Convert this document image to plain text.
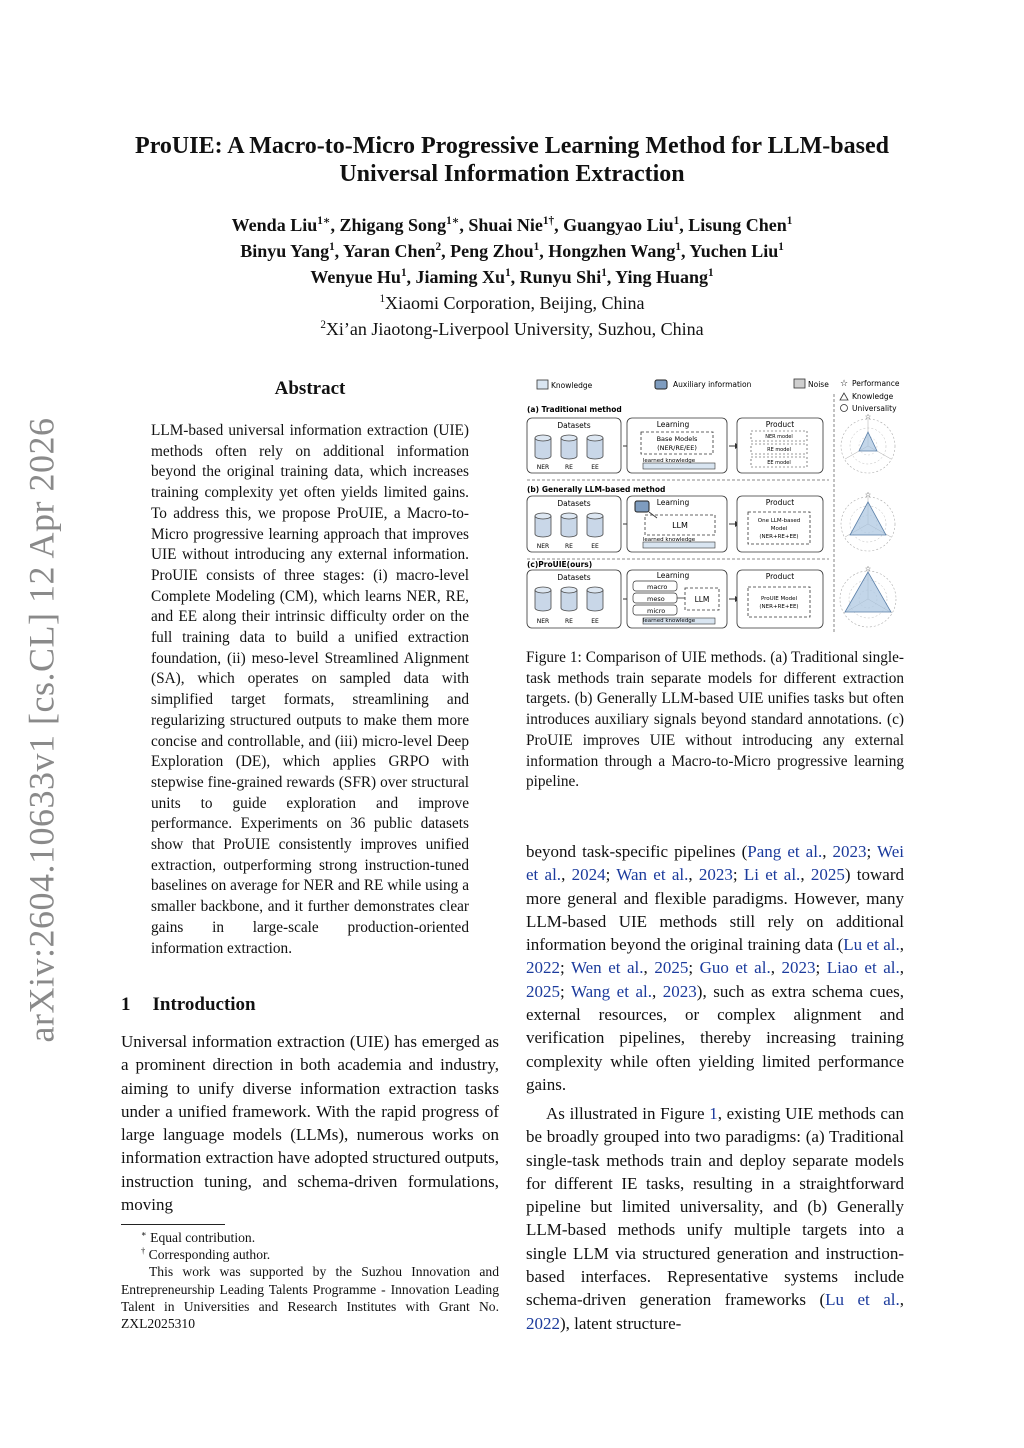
arXiv:2604.10633v1 [cs.CL] 12 Apr 2026
ProUIE: A Macro-to-Micro Progressive Learning Method for LLM-based
Universal Information Extraction
Wenda Liu$^{1∗}$, Zhigang Song$^{1∗}$, Shuai Nie$^{1\dagger}$, Guangyao Liu$^1$, Lisung Chen$^1$
Binyu Yang$^1$, Yaran Chen$^2$, Peng Zhou$^1$, Hongzhen Wang$^1$, Yuchen Liu$^1$
Wenyue Hu$^1$, Jiaming Xu$^1$, Runyu Shi$^1$, Ying Huang$^1$
$^1$Xiaomi Corporation, Beijing, China
$^2$Xi’an Jiaotong-Liverpool University, Suzhou, China
Abstract
LLM-based universal information extraction (UIE) methods often rely on additional information beyond the original training data, which increases training complexity yet often yields limited gains. To address this, we propose ProUIE, a Macro-to-Micro progressive learning approach that improves UIE without introducing any external information. ProUIE consists of three stages: (i) macro-level Complete Modeling (CM), which learns NER, RE, and EE along their intrinsic difficulty order on the full training data to build a unified extraction foundation, (ii) meso-level Streamlined Alignment (SA), which operates on sampled data with simplified target formats, streamlining and regularizing structured outputs to make them more concise and controllable, and (iii) micro-level Deep Exploration (DE), which applies GRPO with stepwise fine-grained rewards (SFR) over structural units to guide exploration and improve performance. Experiments on 36 public datasets show that ProUIE consistently improves unified extraction, outperforming strong instruction-tuned baselines on average for NER and RE while using a smaller backbone, and it further demonstrates clear gains in large-scale production-oriented information extraction.
1 Introduction
Universal information extraction (UIE) has emerged as a prominent direction in both academia and industry, aiming to unify diverse information extraction tasks under a unified framework. With the rapid progress of large language models (LLMs), numerous works on information extraction have adopted structured outputs, instruction tuning, and schema-driven formulations, moving
∗ Equal contribution.
† Corresponding author.
This work was supported by the Suzhou Innovation and Entrepreneurship Leading Talents Programme - Innovation Leading Talent in Universities and Research Institutes with Grant No. ZXL2025310
Knowledge	Auxiliary information	Noise ☆ Performance
Knowledge
Universality
(a) Traditional method
Datasets
NER	RE	EE
Learning
Base Models
(NER/RE/EE)
learned knowledge
Product
NER model
RE model
EE model
(b) Generally LLM-based method
Datasets
NER	RE	EE
Learning
LLM
learned knowledge
Product
One LLM-based
Model
(NER+RE+EE)
(c)ProUIE(ours)
Datasets
NER	RE	EE
Learning
macro
meso
micro
LLM
learned knowledge
Product
ProUIE Model
(NER+RE+EE)
☆
☆
☆
Figure 1: Comparison of UIE methods. (a) Traditional single-task methods train separate models for different extraction targets. (b) Generally LLM-based UIE unifies tasks but often introduces auxiliary signals beyond standard annotations. (c) ProUIE improves UIE without introducing any external information through a Macro-to-Micro progressive learning pipeline.
beyond task-specific pipelines (Pang et al., 2023; Wei et al., 2024; Wan et al., 2023; Li et al., 2025) toward more general and flexible paradigms. However, many LLM-based UIE methods still rely on additional information beyond the original training data (Lu et al., 2022; Wen et al., 2025; Guo et al., 2023; Liao et al., 2025; Wang et al., 2023), such as extra schema cues, external resources, or complex alignment and verification pipelines, thereby increasing training complexity while often yielding limited performance gains.
As illustrated in Figure 1, existing UIE methods can be broadly grouped into two paradigms: (a) Traditional single-task methods train and deploy separate models for different IE tasks, resulting in a straightforward pipeline but limited universality, and (b) Generally LLM-based methods unify multiple targets into a single LLM via structured generation and instruction-based interfaces. Representative systems include schema-driven generation frameworks (Lu et al., 2022), latent structure-
